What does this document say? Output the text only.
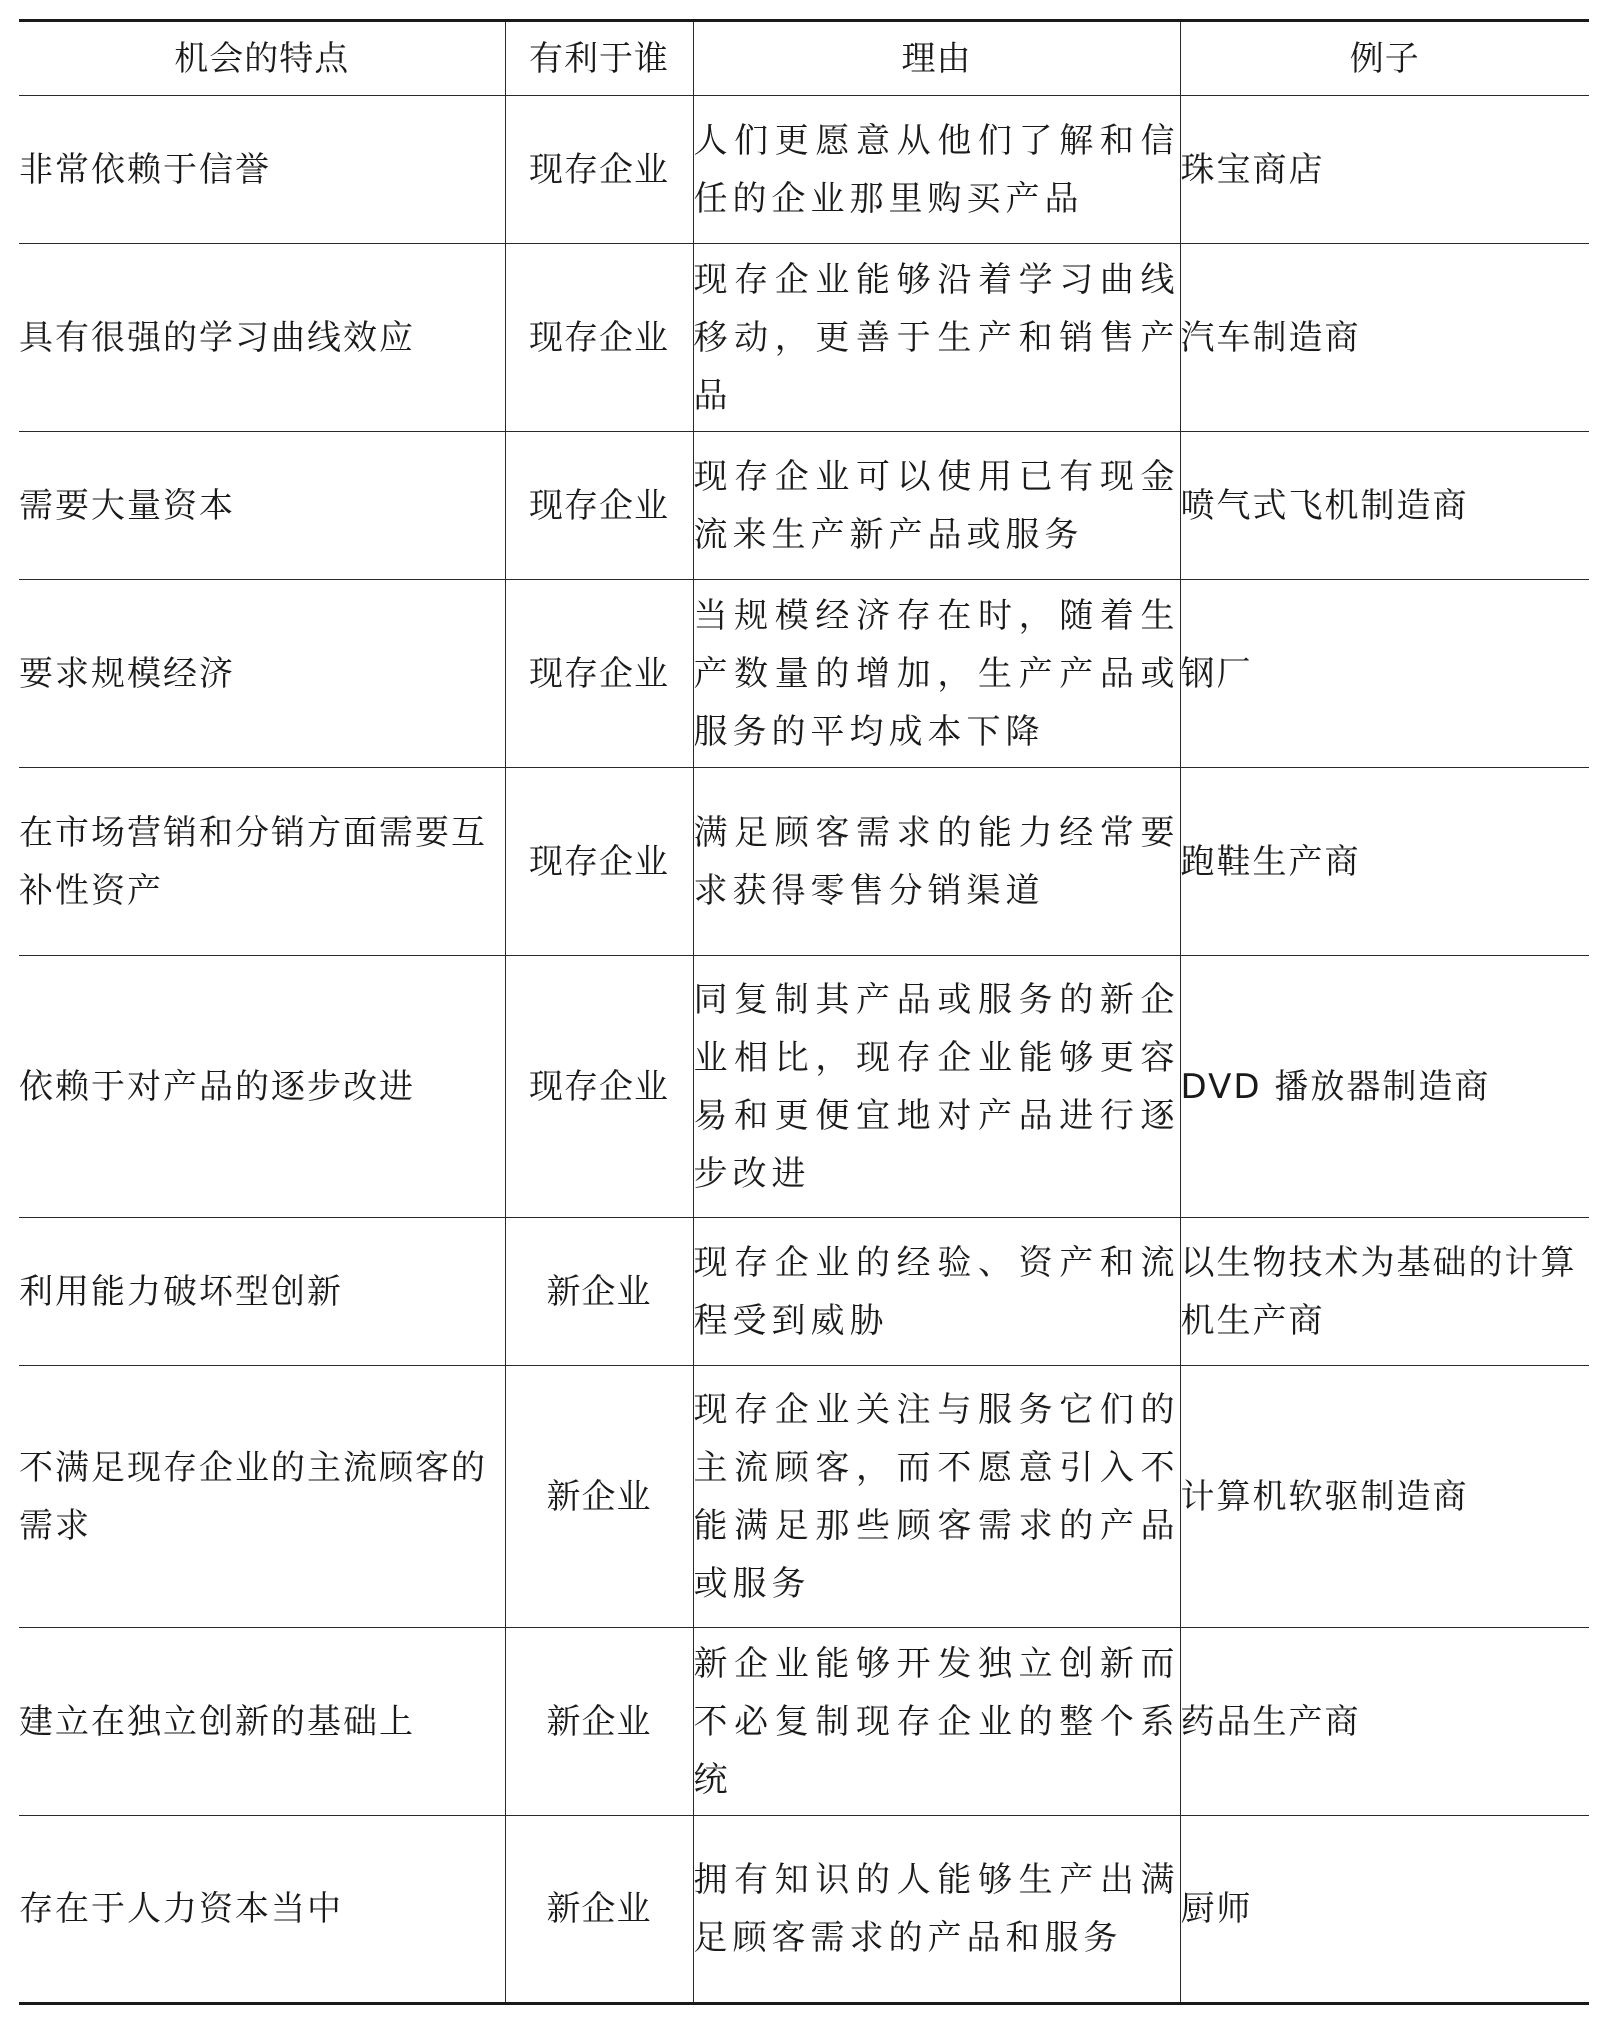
机会的特点	有利于谁	理由	例子
非常依赖于信誉	现存企业	人们更愿意从他们了解和信任的企业那里购买产品	珠宝商店
具有很强的学习曲线效应	现存企业	现存企业能够沿着学习曲线移动，更善于生产和销售产品	汽车制造商
需要大量资本	现存企业	现存企业可以使用已有现金流来生产新产品或服务	喷气式飞机制造商
要求规模经济	现存企业	当规模经济存在时，随着生产数量的增加，生产产品或服务的平均成本下降	钢厂
在市场营销和分销方面需要互补性资产	现存企业	满足顾客需求的能力经常要求获得零售分销渠道	跑鞋生产商
依赖于对产品的逐步改进	现存企业	同复制其产品或服务的新企业相比，现存企业能够更容易和更便宜地对产品进行逐步改进	DVD 播放器制造商
利用能力破坏型创新	新企业	现存企业的经验、资产和流程受到威胁	以生物技术为基础的计算机生产商
不满足现存企业的主流顾客的需求	新企业	现存企业关注与服务它们的主流顾客，而不愿意引入不能满足那些顾客需求的产品或服务	计算机软驱制造商
建立在独立创新的基础上	新企业	新企业能够开发独立创新而不必复制现存企业的整个系统	药品生产商
存在于人力资本当中	新企业	拥有知识的人能够生产出满足顾客需求的产品和服务	厨师
